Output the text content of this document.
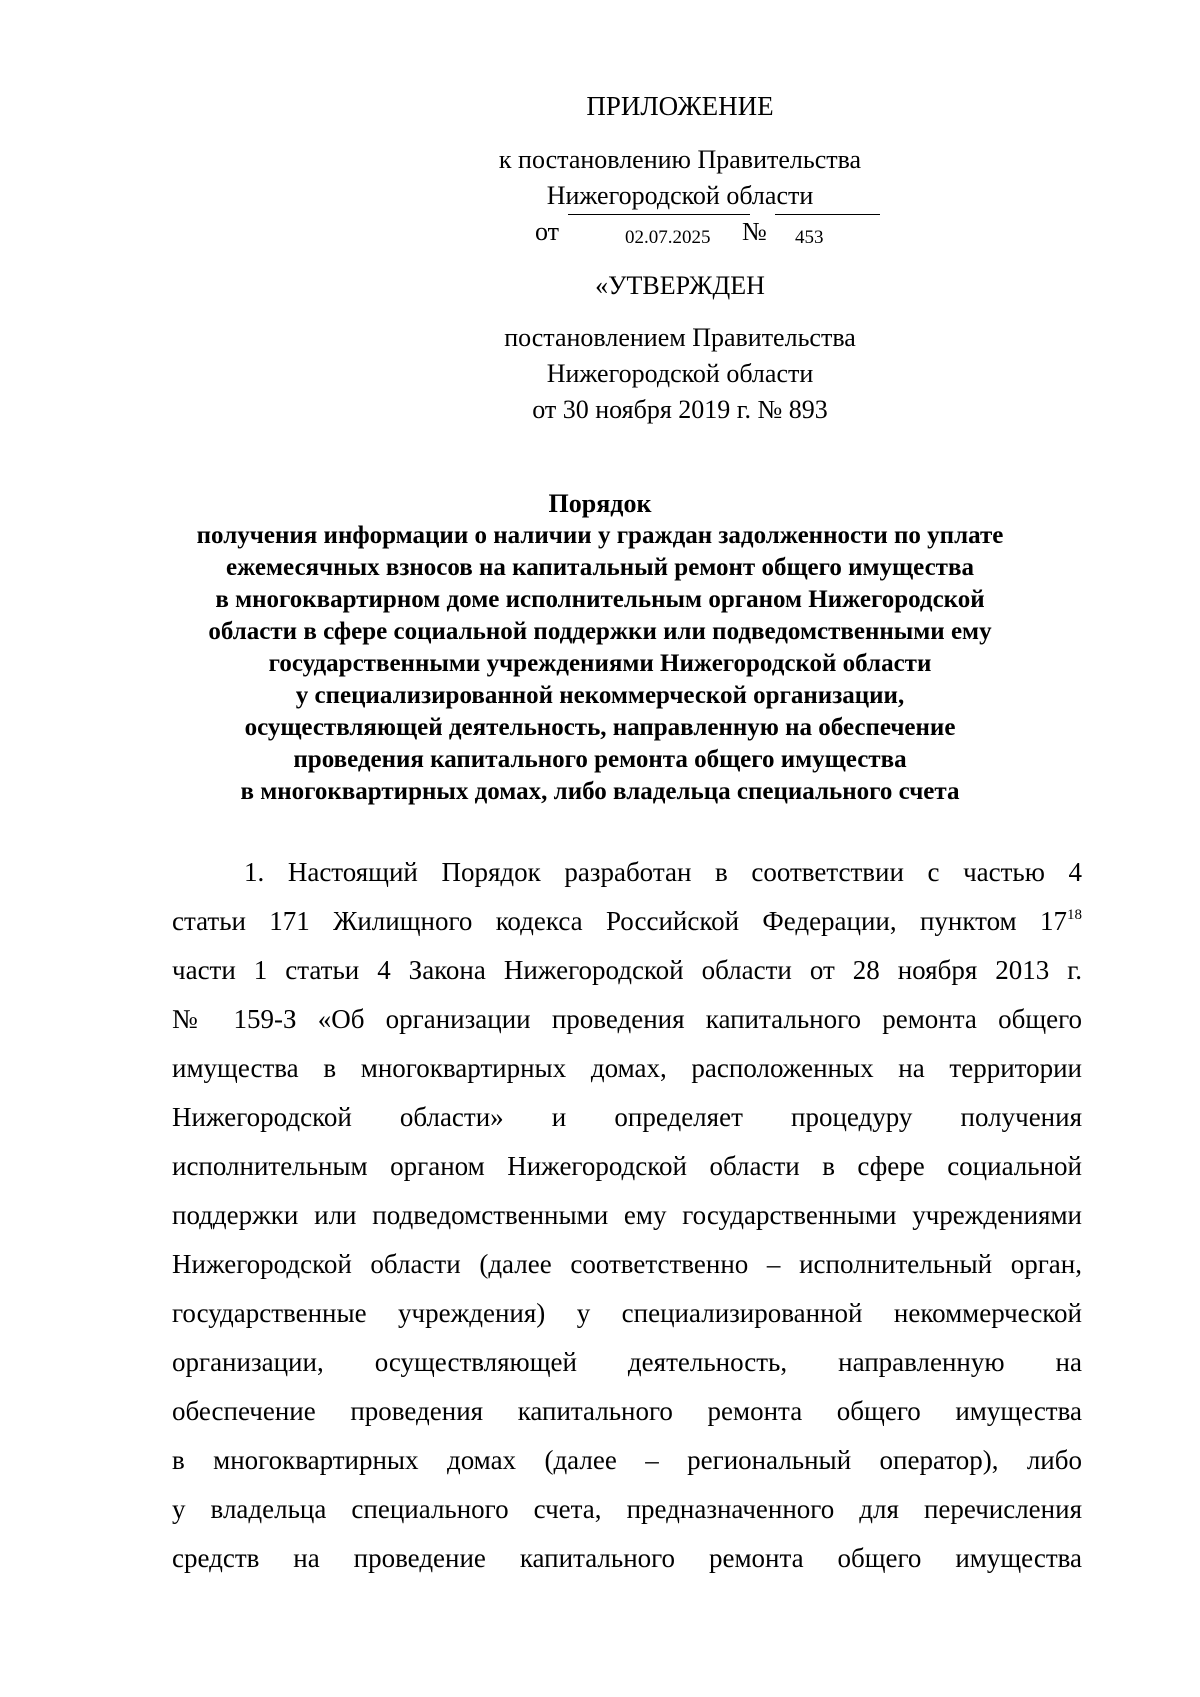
ПРИЛОЖЕНИЕ
к постановлению Правительства
Нижегородской области
от	02.07.2025 № 453
«УТВЕРЖДЕН
постановлением Правительства
Нижегородской области
от 30 ноября 2019 г. № 893
Порядок
получения информации о наличии у граждан задолженности по уплате
ежемесячных взносов на капитальный ремонт общего имущества
в многоквартирном доме исполнительным органом Нижегородской
области в сфере социальной поддержки или подведомственными ему
государственными учреждениями Нижегородской области
у специализированной некоммерческой организации,
осуществляющей деятельность, направленную на обеспечение
проведения капитального ремонта общего имущества
в многоквартирных домах, либо владельца специального счета

1. Настоящий Порядок разработан в соответствии с частью 4

статьи 171 Жилищного кодекса Российской Федерации, пунктом $17^{18}$

части 1 статьи 4 Закона Нижегородской области от 28 ноября 2013 г.

№ 159-З «Об организации проведения капитального ремонта общего

имущества в многоквартирных домах, расположенных на территории

Нижегородской области» и определяет процедуру получения

исполнительным органом Нижегородской области в сфере социальной

поддержки или подведомственными ему государственными учреждениями

Нижегородской области (далее соответственно – исполнительный орган,

государственные учреждения) у специализированной некоммерческой

организации, осуществляющей деятельность, направленную на

обеспечение проведения капитального ремонта общего имущества

в многоквартирных домах (далее – региональный оператор), либо

у владельца специального счета, предназначенного для перечисления

средств на проведение капитального ремонта общего имущества
